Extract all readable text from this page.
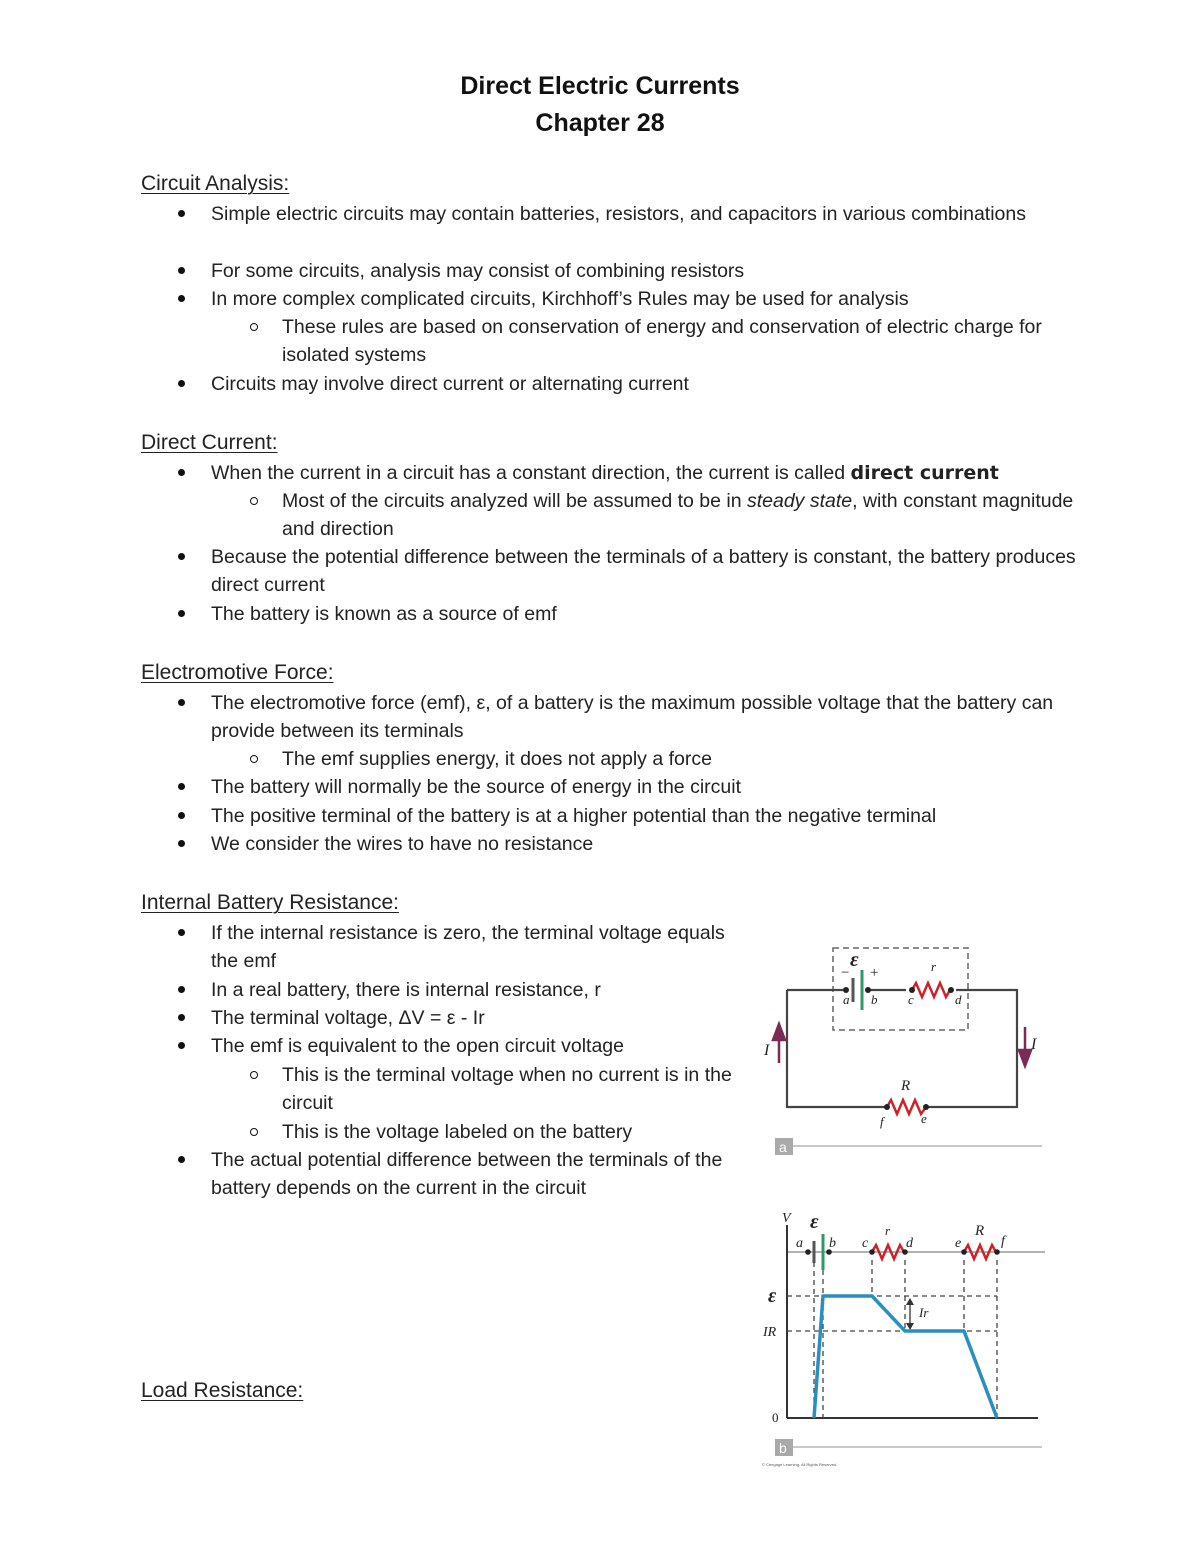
Direct Electric Currents
Chapter 28
Circuit Analysis:
Simple electric circuits may contain batteries, resistors, and capacitors in various combinations
For some circuits, analysis may consist of combining resistors
In more complex complicated circuits, Kirchhoff’s Rules may be used for analysis
These rules are based on conservation of energy and conservation of electric charge for isolated systems
Circuits may involve direct current or alternating current
Direct Current:
When the current in a circuit has a constant direction, the current is called direct current
Most of the circuits analyzed will be assumed to be in steady state, with constant magnitude and direction
Because the potential difference between the terminals of a battery is constant, the battery produces direct current
The battery is known as a source of emf
Electromotive Force:
The electromotive force (emf), ε, of a battery is the maximum possible voltage that the battery can provide between its terminals
The emf supplies energy, it does not apply a force
The battery will normally be the source of energy in the circuit
The positive terminal of the battery is at a higher potential than the negative terminal
We consider the wires to have no resistance
Internal Battery Resistance:
If the internal resistance is zero, the terminal voltage equals the emf
In a real battery, there is internal resistance, r
The terminal voltage, ΔV = ε - Ir
The emf is equivalent to the open circuit voltage
This is the terminal voltage when no current is in the circuit
This is the voltage labeled on the battery
The actual potential difference between the terminals of the battery depends on the current in the circuit
Load Resistance:
ε
− +	r
a b c	d
R
f	e
I	I
a
V ε
a b c
r
d	e
R
f
ε
IR
0
Ir
b
© Cengage Learning. All Rights Reserved.
